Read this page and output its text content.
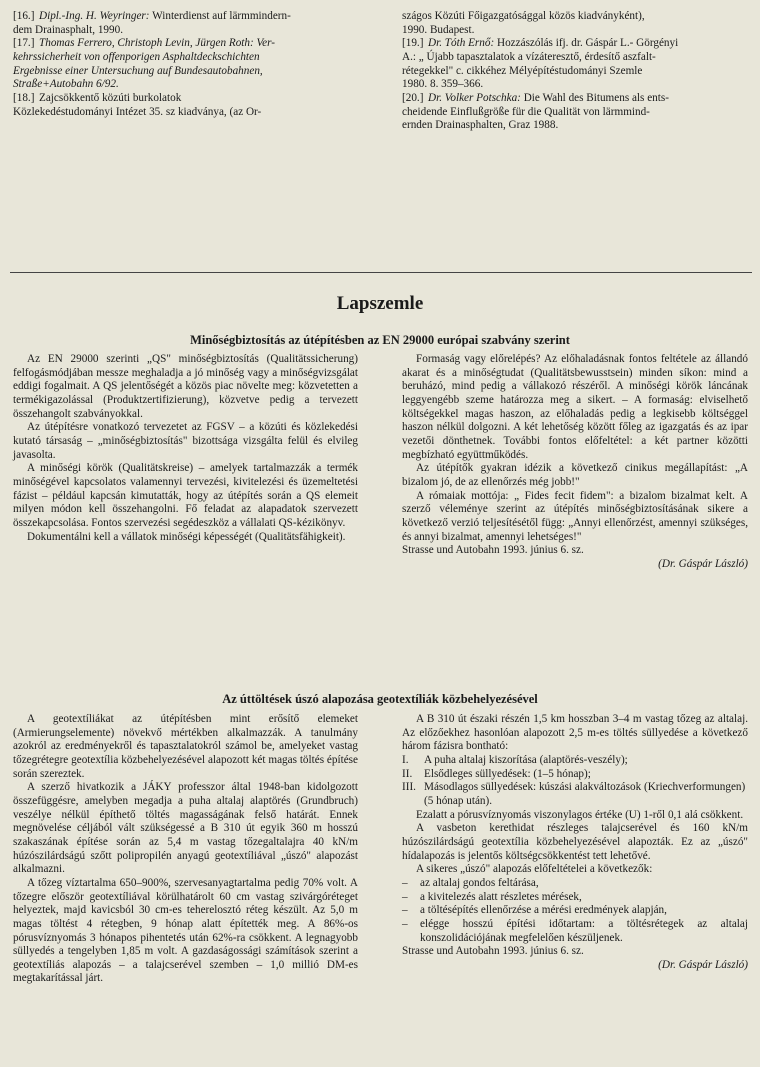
[16.] Dipl.-Ing. H. Weyringer: Winterdienst auf lärmmindern-

dem Drainasphalt, 1990.

[17.] Thomas Ferrero, Christoph Levin, Jürgen Roth: Ver-

kehrssicherheit von offenporigen Asphaltdeckschichten

Ergebnisse einer Untersuchung auf Bundesautobahnen,

Straße+Autobahn 6/92.

[18.] Zajcsökkentő közúti burkolatok

Közlekedéstudományi Intézet 35. sz kiadványa, (az Or-

szágos Közúti Főigazgatósággal közös kiadványként),

1990. Budapest.

[19.] Dr. Tóth Ernő: Hozzászólás ifj. dr. Gáspár L.- Görgényi

A.: „ Újabb tapasztalatok a vízáteresztő, érdesítő aszfalt-

rétegekkel" c. cikkéhez Mélyépítéstudományi Szemle

1980. 8. 359–366.

[20.] Dr. Volker Potschka: Die Wahl des Bitumens als ents-

cheidende Einflußgröße für die Qualität von lärmmind-

ernden Drainasphalten, Graz 1988.

Lapszemle
Minőségbiztosítás az útépítésben az EN 29000 európai szabvány szerint

Az EN 29000 szerinti „QS" minőségbiztosítás (Qualitätssicherung) felfogásmódjában messze meghaladja a jó minőség vagy a minőségvizsgálat eddigi fogalmait. A QS jelentőségét a közös piac növelte meg: közvetetten a termékigazolással (Produktzertifizierung), közvetve pedig a tervezett összehangolt szabványokkal.

Az útépítésre vonatkozó tervezetet az FGSV – a közúti és közlekedési kutató társaság – „minőségbiztosítás" bizottsága vizsgálta felül és elvileg javasolta.

A minőségi körök (Qualitätskreise) – amelyek tartalmazzák a termék minőségével kapcsolatos valamennyi tervezési, kivitelezési és üzemeltetési fázist – például kapcsán kimutatták, hogy az útépítés során a QS elemeit milyen módon kell összehangolni. Fő feladat az alapadatok szervezett összekapcsolása. Fontos szervezési segédeszköz a vállalati QS-kézikönyv.

Dokumentálni kell a vállatok minőségi képességét (Qualitätsfähigkeit).

Formaság vagy előrelépés? Az előhaladásnak fontos feltétele az állandó akarat és a minőségtudat (Qualitätsbewusstsein) minden síkon: mind a beruházó, mind pedig a vállakozó részéről. A minőségi körök láncának leggyengébb szeme határozza meg a sikert. – A formaság: elviselhető költségekkel magas haszon, az előhaladás pedig a legkisebb költséggel haszon nélkül dolgozni. A két lehetőség között főleg az igazgatás és az ipar vezetői dönthetnek. További fontos előfeltétel: a két partner közötti megbízható együttműködés.

Az útépítők gyakran idézik a következő cinikus megállapítást: „A bizalom jó, de az ellenőrzés még jobb!"

A rómaiak mottója: „ Fides fecit fidem": a bizalom bizalmat kelt. A szerző véleménye szerint az útépítés minőségbiztosításának sikere a következő verzió teljesítésétől függ: „Annyi ellenőrzést, amennyi szükséges, és annyi bizalmat, amennyi lehetséges!"

Strasse und Autobahn 1993. június 6. sz.

(Dr. Gáspár László)

Az úttöltések úszó alapozása geotextíliák közbehelyezésével

A geotextíliákat az útépítésben mint erősítő elemeket (Armierungselemente) növekvő mértékben alkalmazzák. A tanulmány azokról az eredményekről és tapasztalatokról számol be, amelyeket vastag tőzegrétegre geotextília közbehelyezésével alapozott két magas töltés építése során szereztek.

A szerző hivatkozik a JÁKY professzor által 1948-ban kidolgozott összefüggésre, amelyben megadja a puha altalaj alaptörés (Grundbruch) veszélye nélkül építhető töltés magasságának felső határát. Ennek megnövelése céljából vált szükségessé a B 310 út egyik 360 m hosszú szakaszának építése során az 5,4 m vastag tőzegaltalajra 40 kN/m húzószilárdságú szőtt polipropilén anyagú geotextíliával „úszó" alapozást alkalmazni.

A tőzeg víztartalma 650–900%, szervesanyagtartalma pedig 70% volt. A tőzegre először geotextíliával körülhatárolt 60 cm vastag szivárgóréteget helyeztek, majd kavicsból 30 cm-es teherelosztó réteg készült. Az 5,0 m magas töltést 4 rétegben, 9 hónap alatt építették meg. A 86%-os pórusvíznyomás 3 hónapos pihentetés után 62%-ra csökkent. A legnagyobb süllyedés a tengelyben 1,85 m volt. A gazdaságossági számítások szerint a geotextíliás alapozás – a talajcserével szemben – 1,0 millió DM-es megtakarítással járt.

A B 310 út északi részén 1,5 km hosszban 3–4 m vastag tőzeg az altalaj. Az előzőekhez hasonlóan alapozott 2,5 m-es töltés süllyedése a következő három fázisra bontható:

I.	A puha altalaj kiszorítása (alaptörés-veszély);
II.	Elsődleges süllyedések: (1–5 hónap);
III. Másodlagos süllyedések: kúszási alakváltozások (Kriechverformungen) (5 hónap után).

Ezalatt a pórusvíznyomás viszonylagos értéke (U) 1-ről 0,1 alá csökkent.

A vasbeton kerethidat részleges talajcserével és 160 kN/m húzószilárdságú geotextília közbehelyezésével alapozták. Ez az „úszó" hídalapozás is jelentős költségcsökkentést tett lehetővé.

A sikeres „úszó" alapozás előfeltételei a következők:

–	az altalaj gondos feltárása,
–	a kivitelezés alatt részletes mérések,
–	a töltésépítés ellenőrzése a mérési eredmények alapján,
–	elégge hosszú építési időtartam: a töltésrétegek az altalaj konszolidációjának megfelelően készüljenek.

Strasse und Autobahn 1993. június 6. sz.

(Dr. Gáspár László)
